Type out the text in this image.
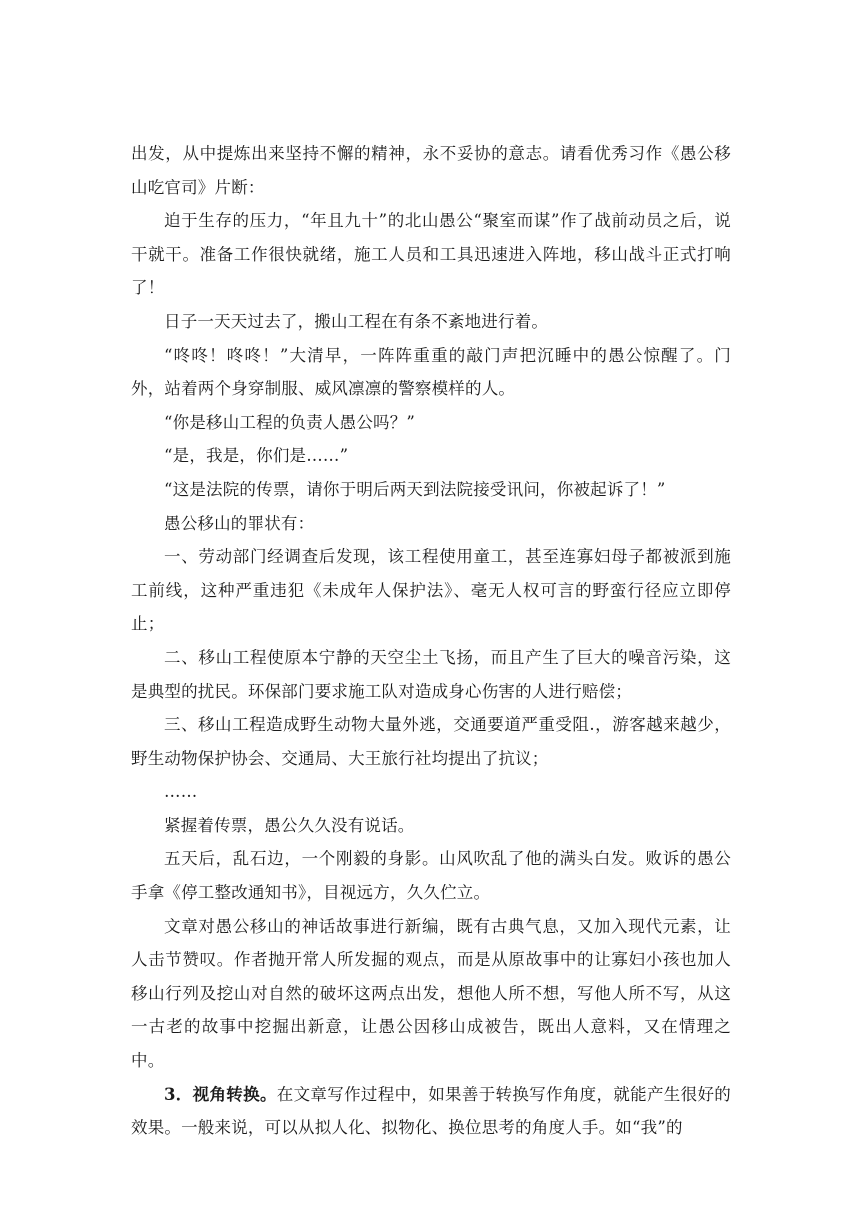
出发，从中提炼出来坚持不懈的精神，永不妥协的意志。请看优秀习作《愚公移山吃官司》片断：

迫于生存的压力，“年且九十”的北山愚公“聚室而谋”作了战前动员之后，说干就干。准备工作很快就绪，施工人员和工具迅速进入阵地，移山战斗正式打响了！

日子一天天过去了，搬山工程在有条不紊地进行着。

“咚咚！咚咚！”大清早，一阵阵重重的敲门声把沉睡中的愚公惊醒了。门外，站着两个身穿制服、威风凛凛的警察模样的人。

“你是移山工程的负责人愚公吗？”

“是，我是，你们是……”

“这是法院的传票，请你于明后两天到法院接受讯问，你被起诉了！”

愚公移山的罪状有：

一、劳动部门经调查后发现，该工程使用童工，甚至连寡妇母子都被派到施工前线，这种严重违犯《未成年人保护法》、毫无人权可言的野蛮行径应立即停止；

二、移山工程使原本宁静的天空尘土飞扬，而且产生了巨大的噪音污染，这是典型的扰民。环保部门要求施工队对造成身心伤害的人进行赔偿；

三、移山工程造成野生动物大量外逃，交通要道严重受阻.，游客越来越少，野生动物保护协会、交通局、大王旅行社均提出了抗议；

……

紧握着传票，愚公久久没有说话。

五天后，乱石边，一个刚毅的身影。山风吹乱了他的满头白发。败诉的愚公手拿《停工整改通知书》，目视远方，久久伫立。

文章对愚公移山的神话故事进行新编，既有古典气息，又加入现代元素，让人击节赞叹。作者抛开常人所发掘的观点，而是从原故事中的让寡妇小孩也加人移山行列及挖山对自然的破坏这两点出发，想他人所不想，写他人所不写，从这一古老的故事中挖掘出新意，让愚公因移山成被告，既出人意料，又在情理之中。

3．视角转换。在文章写作过程中，如果善于转换写作角度，就能产生很好的效果。一般来说，可以从拟人化、拟物化、换位思考的角度人手。如“我”的
